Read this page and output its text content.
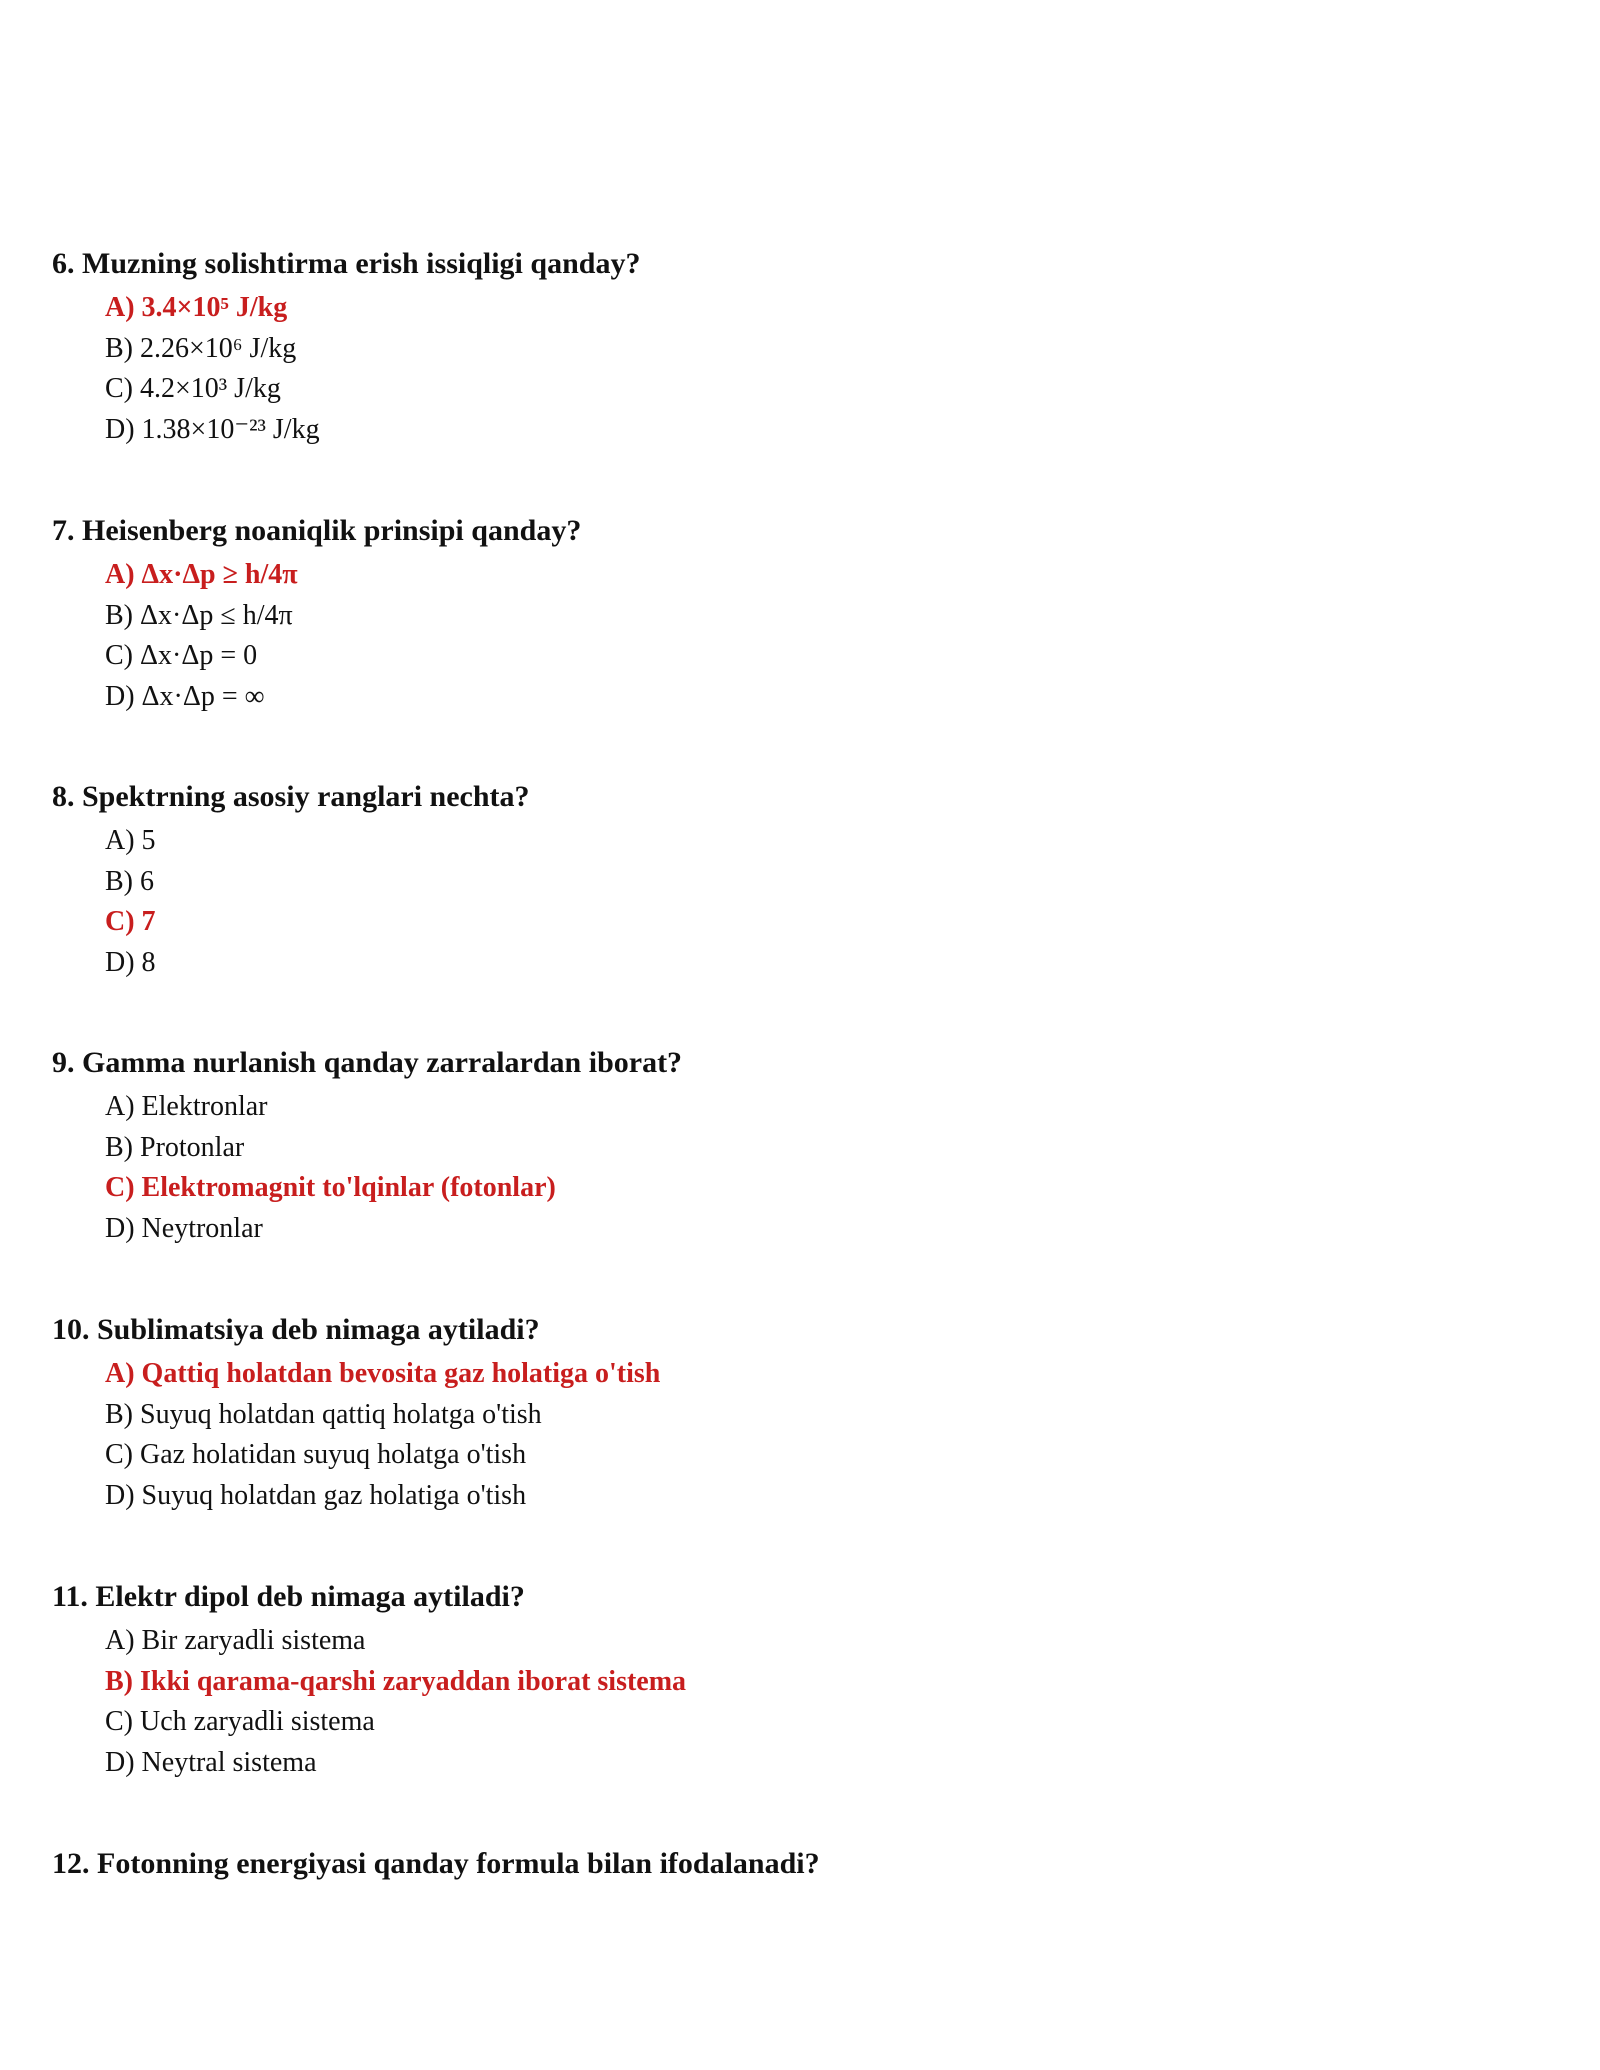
6. Muzning solishtirma erish issiqligi qanday?

A) 3.4×10⁵ J/kg
B) 2.26×10⁶ J/kg
C) 4.2×10³ J/kg
D) 1.38×10⁻²³ J/kg

7. Heisenberg noaniqlik prinsipi qanday?

A) Δx·Δp ≥ h/4π
B) Δx·Δp ≤ h/4π
C) Δx·Δp = 0
D) Δx·Δp = ∞

8. Spektrning asosiy ranglari nechta?

A) 5
B) 6
C) 7
D) 8

9. Gamma nurlanish qanday zarralardan iborat?

A) Elektronlar
B) Protonlar
C) Elektromagnit to'lqinlar (fotonlar)
D) Neytronlar

10. Sublimatsiya deb nimaga aytiladi?

A) Qattiq holatdan bevosita gaz holatiga o'tish
B) Suyuq holatdan qattiq holatga o'tish
C) Gaz holatidan suyuq holatga o'tish
D) Suyuq holatdan gaz holatiga o'tish

11. Elektr dipol deb nimaga aytiladi?

A) Bir zaryadli sistema
B) Ikki qarama-qarshi zaryaddan iborat sistema
C) Uch zaryadli sistema
D) Neytral sistema

12. Fotonning energiyasi qanday formula bilan ifodalanadi?
